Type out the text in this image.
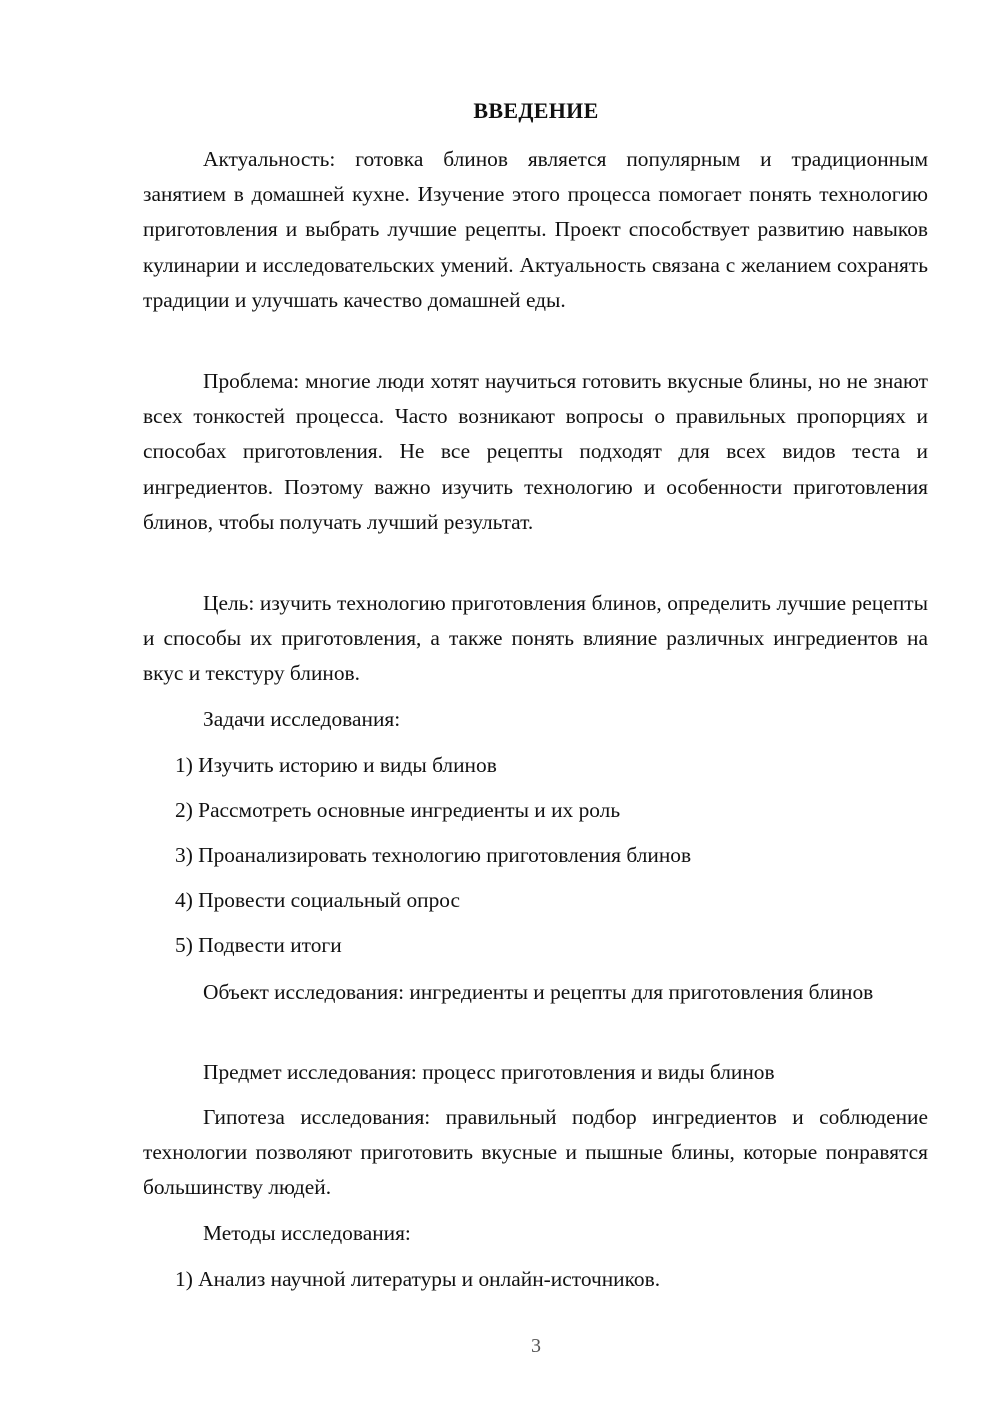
ВВЕДЕНИЕ

Актуальность: готовка блинов является популярным и традиционным занятием в домашней кухне. Изучение этого процесса помогает понять технологию приготовления и выбрать лучшие рецепты. Проект способствует развитию навыков кулинарии и исследовательских умений. Актуальность связана с желанием сохранять традиции и улучшать качество домашней еды.

Проблема: многие люди хотят научиться готовить вкусные блины, но не знают всех тонкостей процесса. Часто возникают вопросы о правильных пропорциях и способах приготовления. Не все рецепты подходят для всех видов теста и ингредиентов. Поэтому важно изучить технологию и особенности приготовления блинов, чтобы получать лучший результат.

Цель: изучить технологию приготовления блинов, определить лучшие рецепты и способы их приготовления, а также понять влияние различных ингредиентов на вкус и текстуру блинов.

Задачи исследования:

1) Изучить историю и виды блинов

2) Рассмотреть основные ингредиенты и их роль

3) Проанализировать технологию приготовления блинов

4) Провести социальный опрос

5) Подвести итоги

Объект исследования: ингредиенты и рецепты для приготовления блинов

Предмет исследования: процесс приготовления и виды блинов

Гипотеза исследования: правильный подбор ингредиентов и соблюдение технологии позволяют приготовить вкусные и пышные блины, которые понравятся большинству людей.

Методы исследования:

1) Анализ научной литературы и онлайн-источников.

3
